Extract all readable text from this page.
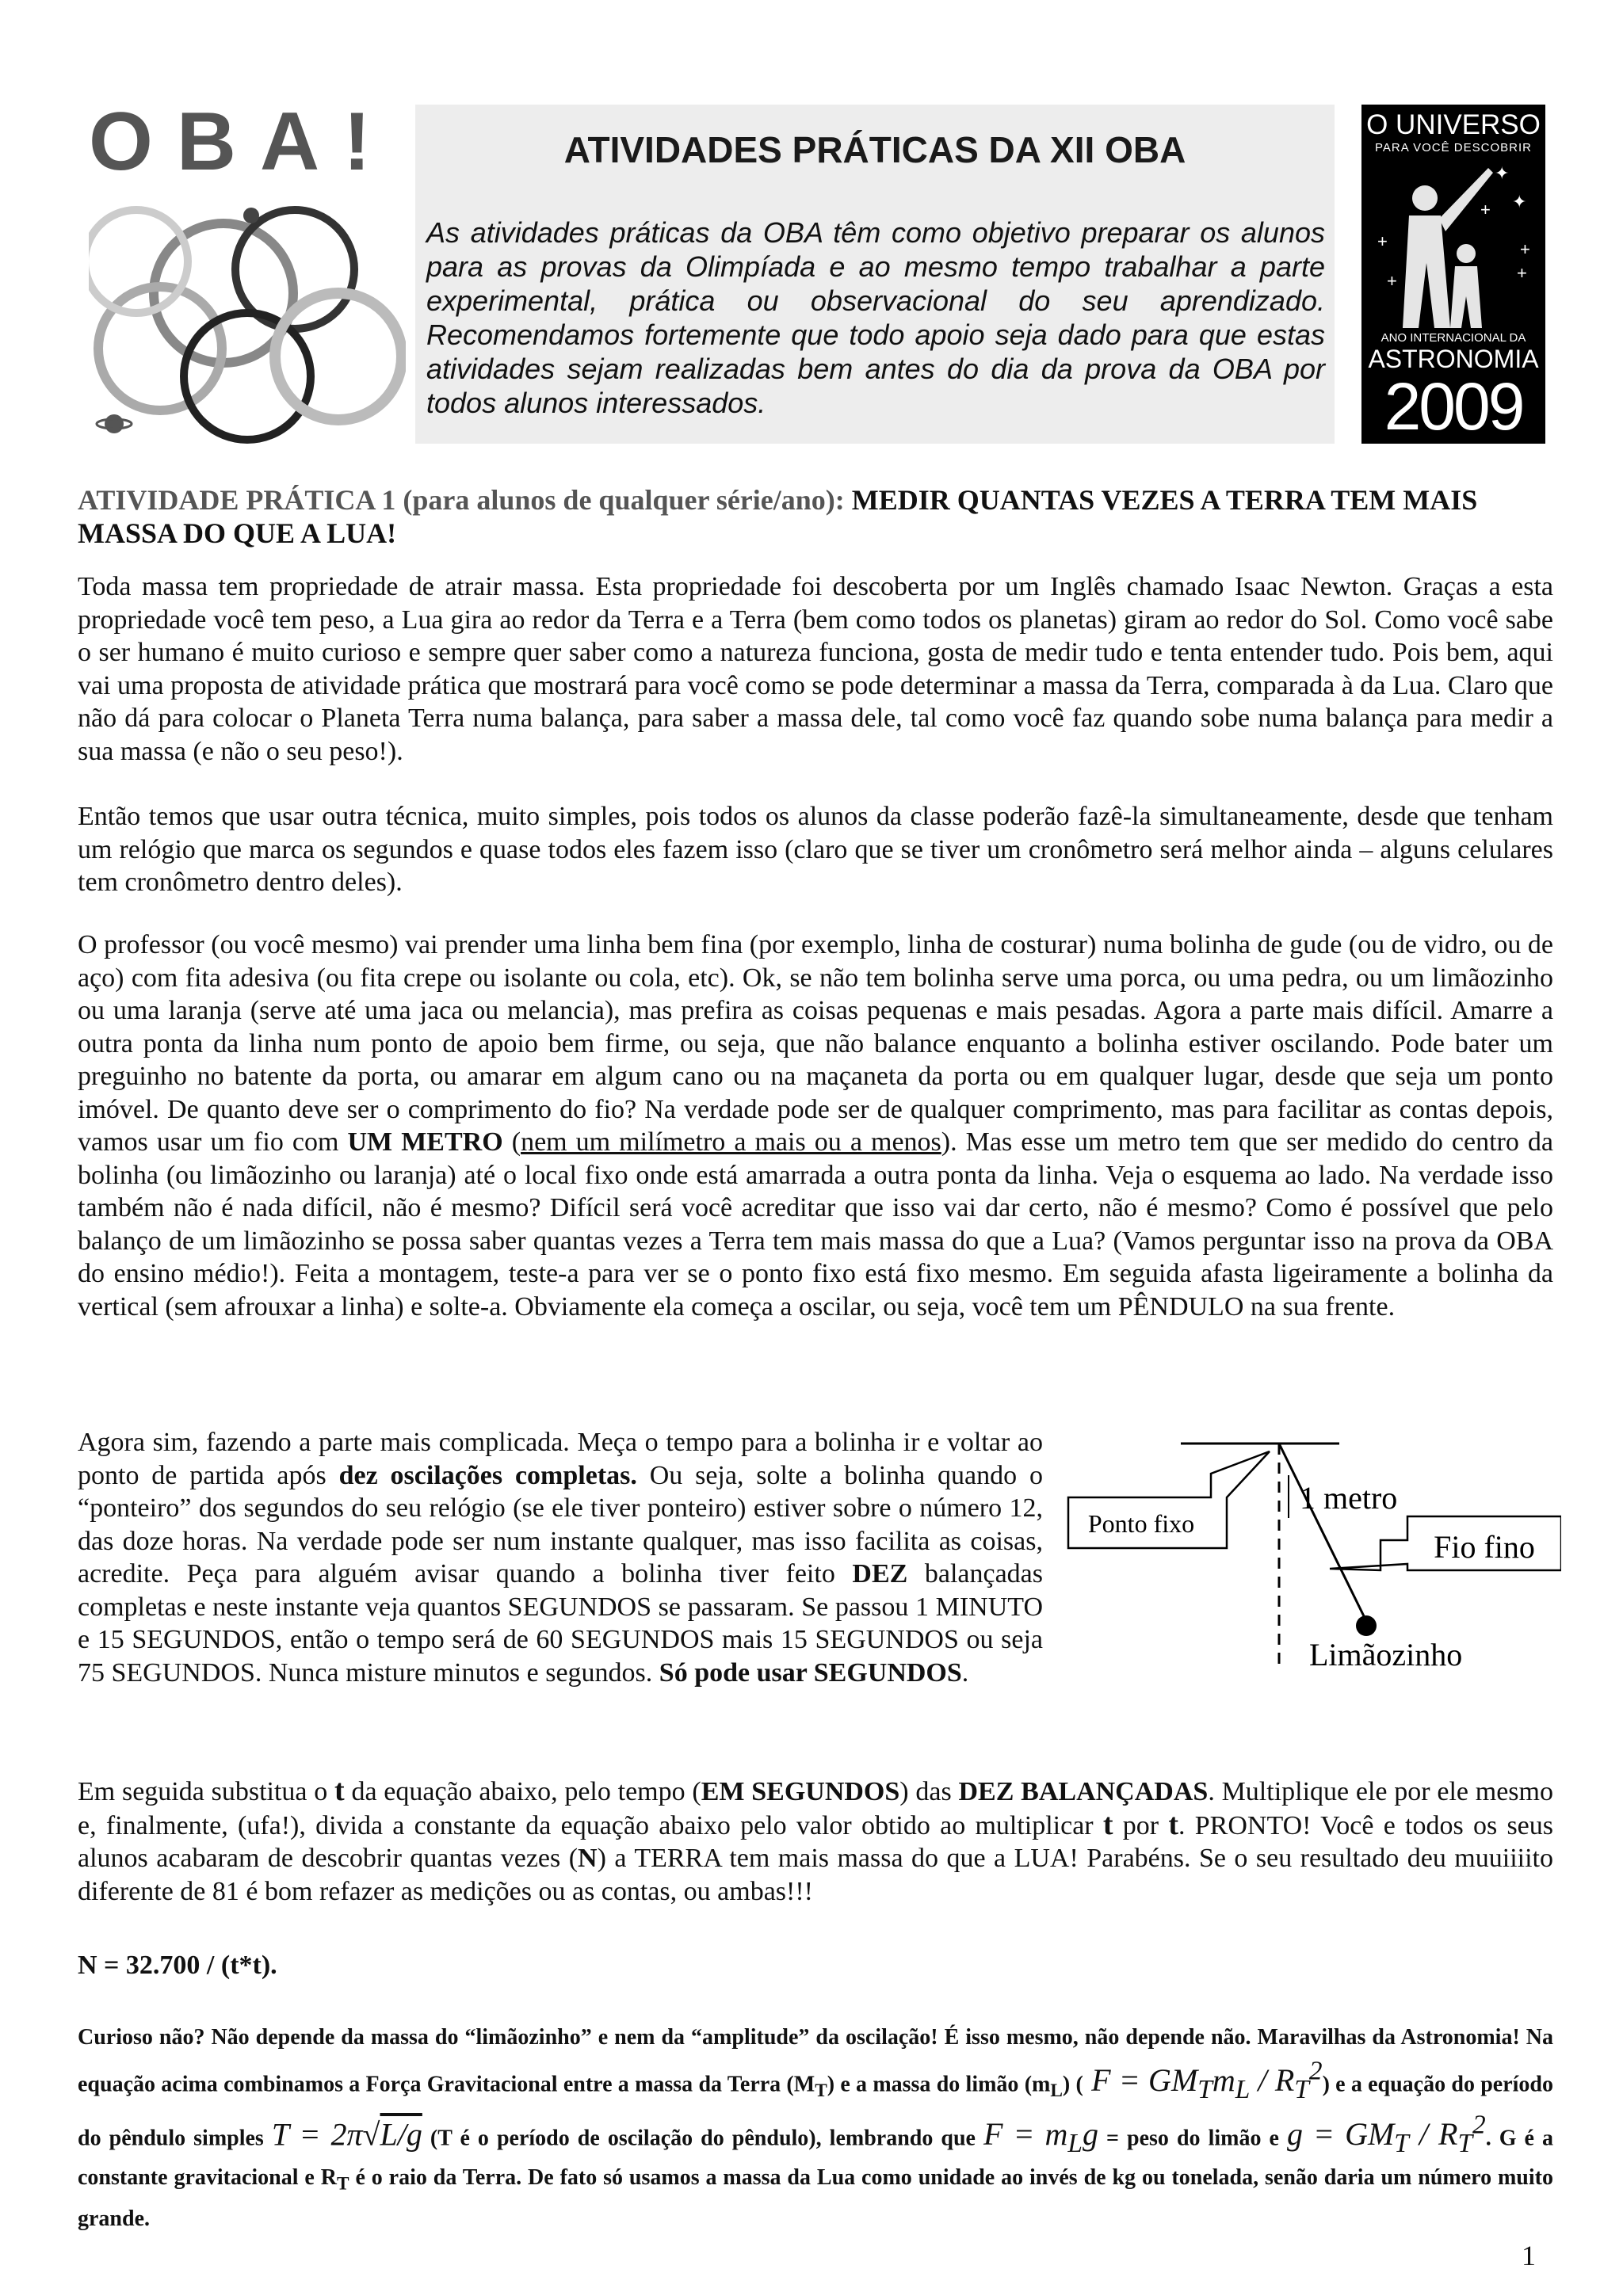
OBA!	ATIVIDADES PRÁTICAS DA XII OBA

As atividades práticas da OBA têm como objetivo preparar os alunos para as provas da Olimpíada e ao mesmo tempo trabalhar a parte experimental, prática ou observacional do seu aprendizado. Recomendamos fortemente que todo apoio seja dado para que estas atividades sejam realizadas bem antes do dia da prova da OBA por todos alunos interessados.

O UNIVERSO
PARA VOCÊ DESCOBRIR
✦
✦
+
+	+
+	+
ANO INTERNACIONAL DA
ASTRONOMIA
2009
ATIVIDADE PRÁTICA 1 (para alunos de qualquer série/ano): MEDIR QUANTAS VEZES A TERRA TEM MAIS MASSA DO QUE A LUA!

Toda massa tem propriedade de atrair massa. Esta propriedade foi descoberta por um Inglês chamado Isaac Newton. Graças a esta propriedade você tem peso, a Lua gira ao redor da Terra e a Terra (bem como todos os planetas) giram ao redor do Sol. Como você sabe o ser humano é muito curioso e sempre quer saber como a natureza funciona, gosta de medir tudo e tenta entender tudo. Pois bem, aqui vai uma proposta de atividade prática que mostrará para você como se pode determinar a massa da Terra, comparada à da Lua. Claro que não dá para colocar o Planeta Terra numa balança, para saber a massa dele, tal como você faz quando sobe numa balança para medir a sua massa (e não o seu peso!).

Então temos que usar outra técnica, muito simples, pois todos os alunos da classe poderão fazê-la simultaneamente, desde que tenham um relógio que marca os segundos e quase todos eles fazem isso (claro que se tiver um cronômetro será melhor ainda – alguns celulares tem cronômetro dentro deles).

O professor (ou você mesmo) vai prender uma linha bem fina (por exemplo, linha de costurar) numa bolinha de gude (ou de vidro, ou de aço) com fita adesiva (ou fita crepe ou isolante ou cola, etc). Ok, se não tem bolinha serve uma porca, ou uma pedra, ou um limãozinho ou uma laranja (serve até uma jaca ou melancia), mas prefira as coisas pequenas e mais pesadas. Agora a parte mais difícil. Amarre a outra ponta da linha num ponto de apoio bem firme, ou seja, que não balance enquanto a bolinha estiver oscilando. Pode bater um preguinho no batente da porta, ou amarar em algum cano ou na maçaneta da porta ou em qualquer lugar, desde que seja um ponto imóvel. De quanto deve ser o comprimento do fio? Na verdade pode ser de qualquer comprimento, mas para facilitar as contas depois, vamos usar um fio com UM METRO (nem um milímetro a mais ou a menos). Mas esse um metro tem que ser medido do centro da bolinha (ou limãozinho ou laranja) até o local fixo onde está amarrada a outra ponta da linha. Veja o esquema ao lado. Na verdade isso também não é nada difícil, não é mesmo? Difícil será você acreditar que isso vai dar certo, não é mesmo? Como é possível que pelo balanço de um limãozinho se possa saber quantas vezes a Terra tem mais massa do que a Lua? (Vamos perguntar isso na prova da OBA do ensino médio!). Feita a montagem, teste-a para ver se o ponto fixo está fixo mesmo. Em seguida afasta ligeiramente a bolinha da vertical (sem afrouxar a linha) e solte-a. Obviamente ela começa a oscilar, ou seja, você tem um PÊNDULO na sua frente.

Agora sim, fazendo a parte mais complicada. Meça o tempo para a bolinha ir e voltar ao ponto de partida após dez oscilações completas. Ou seja, solte a bolinha quando o “ponteiro” dos segundos do seu relógio (se ele tiver ponteiro) estiver sobre o número 12, das doze horas. Na verdade pode ser num instante qualquer, mas isso facilita as coisas, acredite. Peça para alguém avisar quando a bolinha tiver feito DEZ balançadas completas e neste instante veja quantos SEGUNDOS se passaram. Se passou 1 MINUTO e 15 SEGUNDOS, então o tempo será de 60 SEGUNDOS mais 15 SEGUNDOS ou seja 75 SEGUNDOS. Nunca misture minutos e segundos. Só pode usar SEGUNDOS.

Ponto fixo
1 metro
Fio fino
Limãozinho

Em seguida substitua o t da equação abaixo, pelo tempo (EM SEGUNDOS) das DEZ BALANÇADAS. Multiplique ele por ele mesmo e, finalmente, (ufa!), divida a constante da equação abaixo pelo valor obtido ao multiplicar t por t. PRONTO! Você e todos os seus alunos acabaram de descobrir quantas vezes (N) a TERRA tem mais massa do que a LUA! Parabéns. Se o seu resultado deu muuiiiito diferente de 81 é bom refazer as medições ou as contas, ou ambas!!!

N = 32.700 / (t*t).

Curioso não? Não depende da massa do “limãozinho” e nem da “amplitude” da oscilação! É isso mesmo, não depende não. Maravilhas da Astronomia! Na equação acima combinamos a Força Gravitacional entre a massa da Terra $(M_T)$ e a massa do limão $(m_L)$ ( $F = GM_Tm_L / R_T^2$) e a equação do período do pêndulo simples T = 2π√L/g (T é o período de oscilação do pêndulo), lembrando que $F = m_Lg$ = peso do limão e $g = GM_T / R_T^2$. G é a constante gravitacional e $R_T$ é o raio da Terra. De fato só usamos a massa da Lua como unidade ao invés de kg ou tonelada, senão daria um número muito grande.

1
